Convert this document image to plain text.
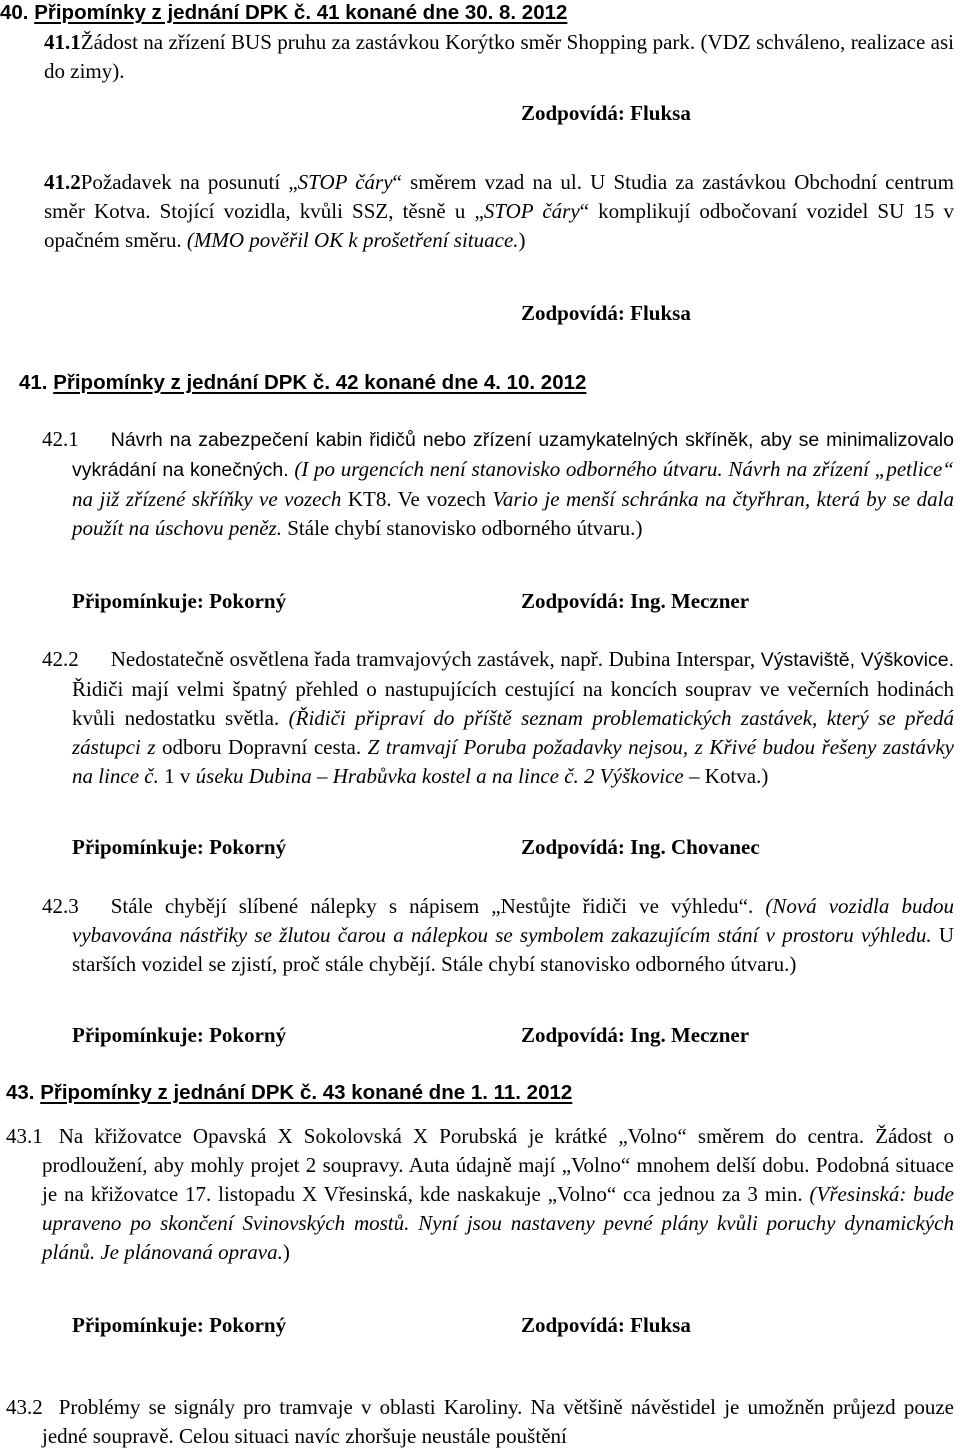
40. Připomínky z jednání DPK č. 41 konané dne 30. 8. 2012

41.1Žádost na zřízení BUS pruhu za zastávkou Korýtko směr Shopping park. (VDZ schváleno, realizace asi do zimy).

Zodpovídá: Fluksa

41.2Požadavek na posunutí „STOP čáry“ směrem vzad na ul. U Studia za zastávkou Obchodní centrum směr Kotva. Stojící vozidla, kvůli SSZ, těsně u „STOP čáry“ komplikují odbočovaní vozidel SU 15 v opačném směru. (MMO pověřil OK k prošetření situace.)

Zodpovídá: Fluksa
41. Připomínky z jednání DPK č. 42 konané dne 4. 10. 2012

42.1 Návrh na zabezpečení kabin řidičů nebo zřízení uzamykatelných skříněk, aby se minimalizovalo vykrádání na konečných. (I po urgencích není stanovisko odborného útvaru. Návrh na zřízení „petlice“ na již zřízené skříňky ve vozech KT8. Ve vozech Vario je menší schránka na čtyřhran, která by se dala použít na úschovu peněz. Stále chybí stanovisko odborného útvaru.)

Připomínkuje: Pokorný	Zodpovídá: Ing. Meczner

42.2 Nedostatečně osvětlena řada tramvajových zastávek, např. Dubina Interspar, Výstaviště, Výškovice. Řidiči mají velmi špatný přehled o nastupujících cestující na koncích souprav ve večerních hodinách kvůli nedostatku světla. (Řidiči připraví do příště seznam problematických zastávek, který se předá zástupci z odboru Dopravní cesta. Z tramvají Poruba požadavky nejsou, z Křivé budou řešeny zastávky na lince č. 1 v úseku Dubina – Hrabůvka kostel a na lince č. 2 Výškovice – Kotva.)

Připomínkuje: Pokorný	Zodpovídá: Ing. Chovanec

42.3 Stále chybějí slíbené nálepky s nápisem „Nestůjte řidiči ve výhledu“. (Nová vozidla budou vybavována nástřiky se žlutou čarou a nálepkou se symbolem zakazujícím stání v prostoru výhledu. U starších vozidel se zjistí, proč stále chybějí. Stále chybí stanovisko odborného útvaru.)

Připomínkuje: Pokorný	Zodpovídá: Ing. Meczner
43. Připomínky z jednání DPK č. 43 konané dne 1. 11. 2012

43.1 Na křižovatce Opavská X Sokolovská X Porubská je krátké „Volno“ směrem do centra. Žádost o prodloužení, aby mohly projet 2 soupravy. Auta údajně mají „Volno“ mnohem delší dobu. Podobná situace je na křižovatce 17. listopadu X Vřesinská, kde naskakuje „Volno“ cca jednou za 3 min. (Vřesinská: bude upraveno po skončení Svinovských mostů. Nyní jsou nastaveny pevné plány kvůli poruchy dynamických plánů. Je plánovaná oprava.)

Připomínkuje: Pokorný	Zodpovídá: Fluksa

43.2 Problémy se signály pro tramvaje v oblasti Karoliny. Na většině návěstidel je umožněn průjezd pouze jedné soupravě. Celou situaci navíc zhoršuje neustále pouštění
